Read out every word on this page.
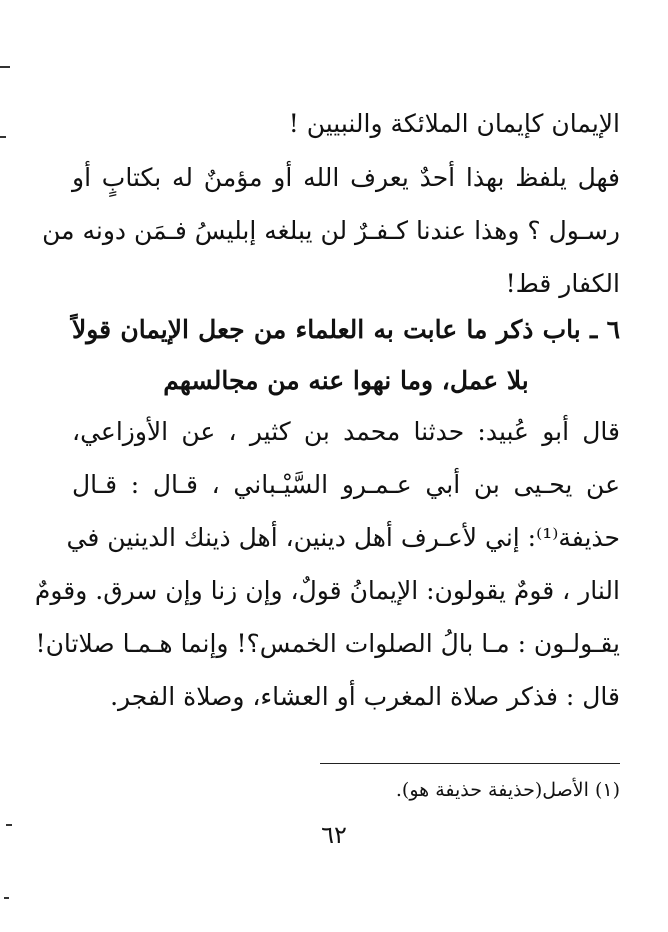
الإيمان كإيمان الملائكة والنبيين !
فهل يلفظ بهذا أحدٌ يعرف الله أو مؤمنٌ له بكتابٍ أو
رسـول ؟ وهذا عندنا كـفـرٌ لن يبلغه إبليسُ فـمَن دونه من
الكفار قط!
٦ ـ باب ذكر ما عابت به العلماء من جعل الإيمان قولاً
بلا عمل، وما نهوا عنه من مجالسهم
قال أبو عُبيد: حدثنا محمد بن كثير ، عن الأوزاعي،
عن يحـيى بن أبي عـمـرو السَّيْـباني ، قـال : قـال
حذيفة⁽¹⁾: إني لأعـرف أهل دينين، أهل ذينك الدينين في
النار ، قومٌ يقولون: الإيمانُ قولٌ، وإن زنا وإن سرق. وقومٌ
يقـولـون : مـا بالُ الصلوات الخمس؟! وإنما هـمـا صلاتان!
قال : فذكر صلاة المغرب أو العشاء، وصلاة الفجر.
(١) الأصل(حذيفة حذيفة هو).
٦٢
